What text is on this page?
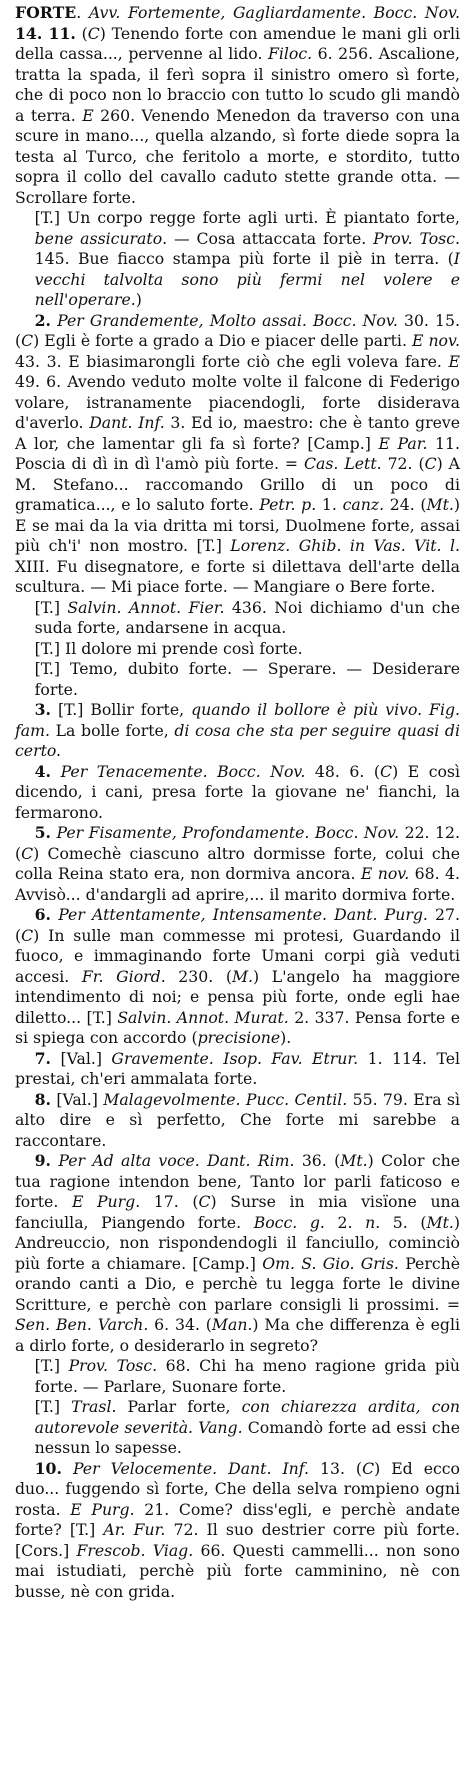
FORTE. Avv. Fortemente, Gagliardamente. Bocc. Nov. 14. 11. (C) Tenendo forte con amendue le mani gli orli della cassa..., pervenne al lido. Filoc. 6. 256. Ascalione, tratta la spada, il ferì sopra il sinistro omero sì forte, che di poco non lo braccio con tutto lo scudo gli mandò a terra. E 260. Venendo Menedon da traverso con una scure in mano..., quella alzando, sì forte diede sopra la testa al Turco, che feritolo a morte, e stordito, tutto sopra il collo del cavallo caduto stette grande otta. — Scrollare forte.

[T.] Un corpo regge forte agli urti. È piantato forte, bene assicurato. — Cosa attaccata forte. Prov. Tosc. 145. Bue fiacco stampa più forte il piè in terra. (I vecchi talvolta sono più fermi nel volere e nell'operare.)

2. Per Grandemente, Molto assai. Bocc. Nov. 30. 15. (C) Egli è forte a grado a Dio e piacer delle parti. E nov. 43. 3. E biasimarongli forte ciò che egli voleva fare. E 49. 6. Avendo veduto molte volte il falcone di Federigo volare, istranamente piacendogli, forte disiderava d'averlo. Dant. Inf. 3. Ed io, maestro: che è tanto greve A lor, che lamentar gli fa sì forte? [Camp.] E Par. 11. Poscia di dì in dì l'amò più forte. = Cas. Lett. 72. (C) A M. Stefano... raccomando Grillo di un poco di gramatica..., e lo saluto forte. Petr. p. 1. canz. 24. (Mt.) E se mai da la via dritta mi torsi, Duolmene forte, assai più ch'i' non mostro. [T.] Lorenz. Ghib. in Vas. Vit. l. XIII. Fu disegnatore, e forte si dilettava dell'arte della scultura. — Mi piace forte. — Mangiare o Bere forte.

[T.] Salvin. Annot. Fier. 436. Noi dichiamo d'un che suda forte, andarsene in acqua.

[T.] Il dolore mi prende così forte.

[T.] Temo, dubito forte. — Sperare. — Desiderare forte.

3. [T.] Bollir forte, quando il bollore è più vivo. Fig. fam. La bolle forte, di cosa che sta per seguire quasi di certo.

4. Per Tenacemente. Bocc. Nov. 48. 6. (C) E così dicendo, i cani, presa forte la giovane ne' fianchi, la fermarono.

5. Per Fisamente, Profondamente. Bocc. Nov. 22. 12. (C) Comechè ciascuno altro dormisse forte, colui che colla Reina stato era, non dormiva ancora. E nov. 68. 4. Avvisò... d'andargli ad aprire,... il marito dormiva forte.

6. Per Attentamente, Intensamente. Dant. Purg. 27. (C) In sulle man commesse mi protesi, Guardando il fuoco, e immaginando forte Umani corpi già veduti accesi. Fr. Giord. 230. (M.) L'angelo ha maggiore intendimento di noi; e pensa più forte, onde egli hae diletto... [T.] Salvin. Annot. Murat. 2. 337. Pensa forte e si spiega con accordo (precisione).

7. [Val.] Gravemente. Isop. Fav. Etrur. 1. 114. Tel prestai, ch'eri ammalata forte.

8. [Val.] Malagevolmente. Pucc. Centil. 55. 79. Era sì alto dire e sì perfetto, Che forte mi sarebbe a raccontare.

9. Per Ad alta voce. Dant. Rim. 36. (Mt.) Color che tua ragione intendon bene, Tanto lor parli faticoso e forte. E Purg. 17. (C) Surse in mia visïone una fanciulla, Piangendo forte. Bocc. g. 2. n. 5. (Mt.) Andreuccio, non rispondendogli il fanciullo, cominciò più forte a chiamare. [Camp.] Om. S. Gio. Gris. Perchè orando canti a Dio, e perchè tu legga forte le divine Scritture, e perchè con parlare consigli li prossimi. = Sen. Ben. Varch. 6. 34. (Man.) Ma che differenza è egli a dirlo forte, o desiderarlo in segreto?

[T.] Prov. Tosc. 68. Chi ha meno ragione grida più forte. — Parlare, Suonare forte.

[T.] Trasl. Parlar forte, con chiarezza ardita, con autorevole severità. Vang. Comandò forte ad essi che nessun lo sapesse.

10. Per Velocemente. Dant. Inf. 13. (C) Ed ecco duo... fuggendo sì forte, Che della selva rompieno ogni rosta. E Purg. 21. Come? diss'egli, e perchè andate forte? [T.] Ar. Fur. 72. Il suo destrier corre più forte. [Cors.] Frescob. Viag. 66. Questi cammelli... non sono mai istudiati, perchè più forte camminino, nè con busse, nè con grida.
